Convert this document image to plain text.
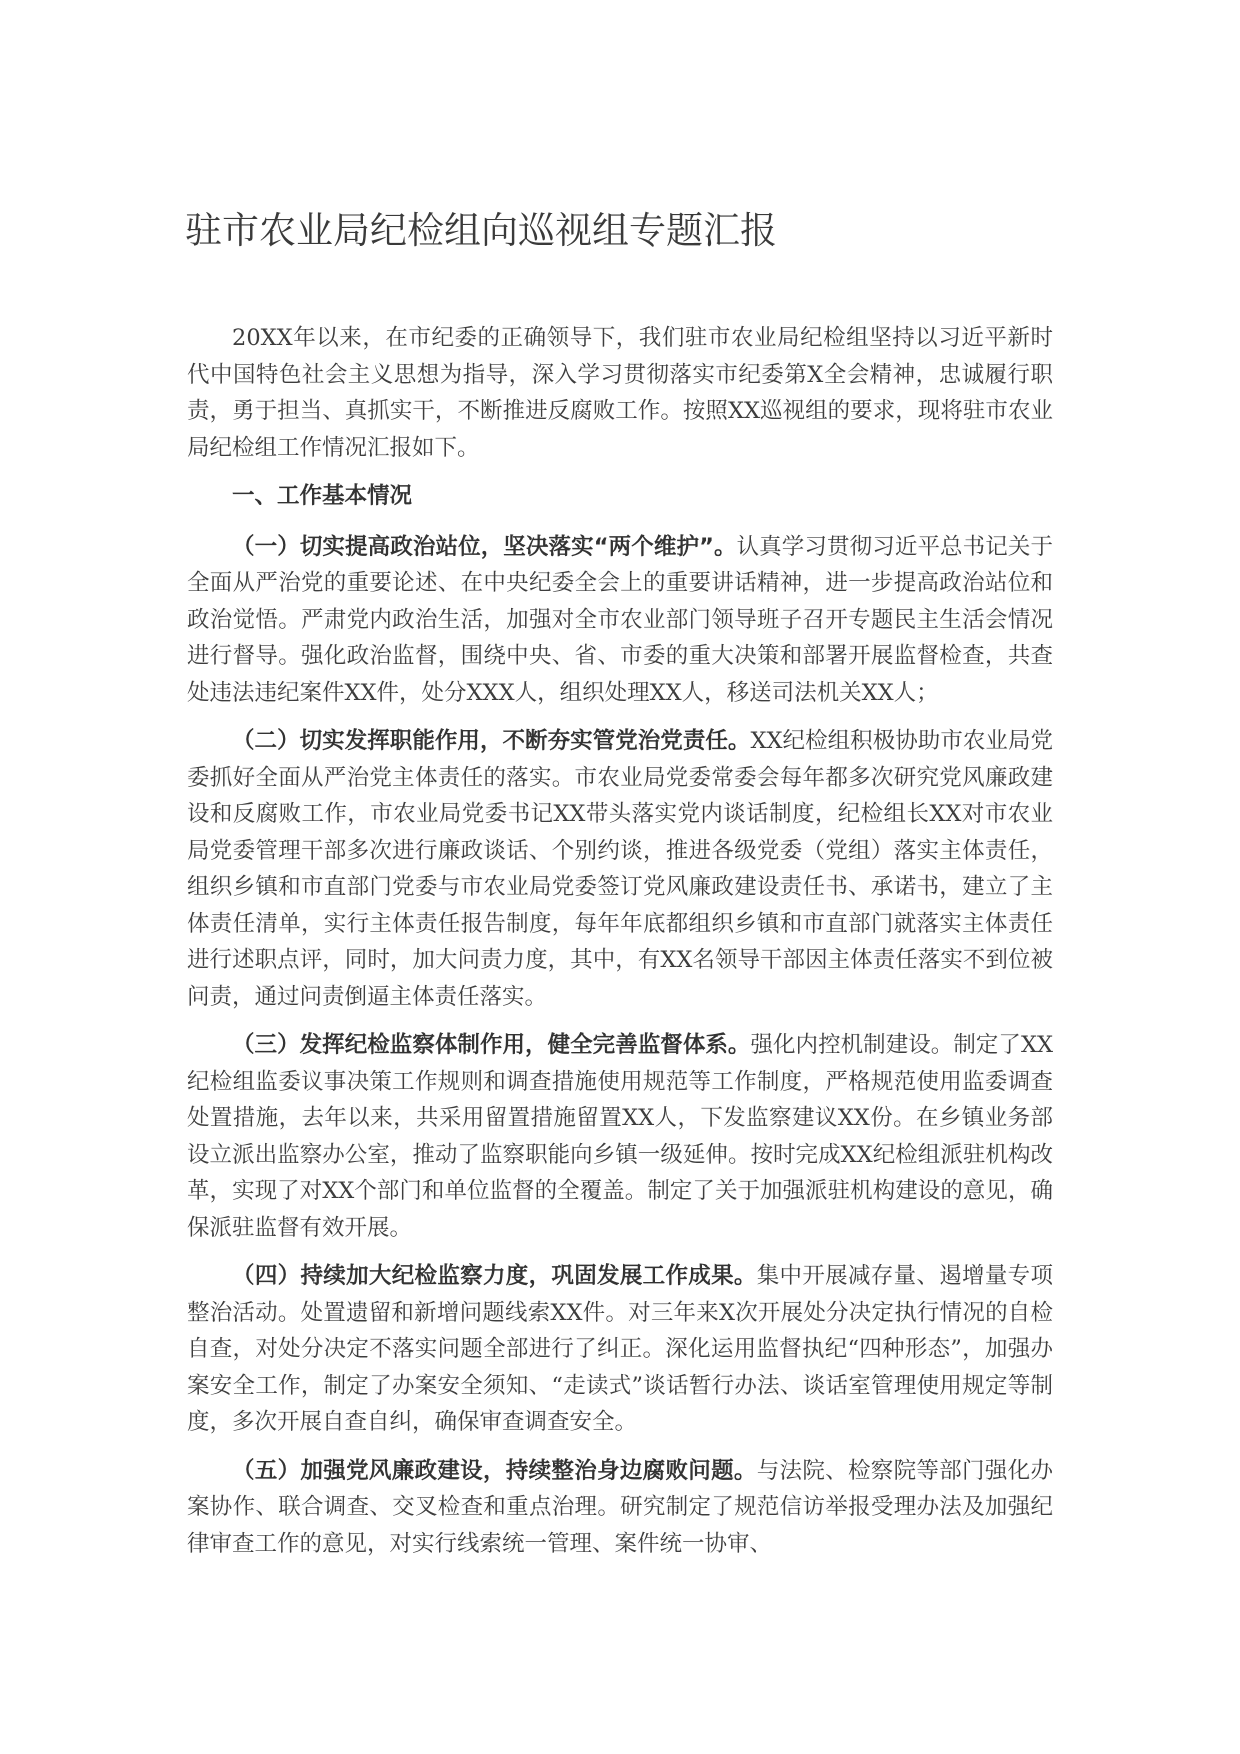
驻市农业局纪检组向巡视组专题汇报

20XX年以来，在市纪委的正确领导下，我们驻市农业局纪检组坚持以习近平新时代中国特色社会主义思想为指导，深入学习贯彻落实市纪委第X全会精神，忠诚履行职责，勇于担当、真抓实干，不断推进反腐败工作。按照XX巡视组的要求，现将驻市农业局纪检组工作情况汇报如下。

一、工作基本情况

（一）切实提高政治站位，坚决落实“两个维护”。认真学习贯彻习近平总书记关于全面从严治党的重要论述、在中央纪委全会上的重要讲话精神，进一步提高政治站位和政治觉悟。严肃党内政治生活，加强对全市农业部门领导班子召开专题民主生活会情况进行督导。强化政治监督，围绕中央、省、市委的重大决策和部署开展监督检查，共查处违法违纪案件XX件，处分XXX人，组织处理XX人，移送司法机关XX人；

（二）切实发挥职能作用，不断夯实管党治党责任。XX纪检组积极协助市农业局党委抓好全面从严治党主体责任的落实。市农业局党委常委会每年都多次研究党风廉政建设和反腐败工作，市农业局党委书记XX带头落实党内谈话制度，纪检组长XX对市农业局党委管理干部多次进行廉政谈话、个别约谈，推进各级党委（党组）落实主体责任，组织乡镇和市直部门党委与市农业局党委签订党风廉政建设责任书、承诺书，建立了主体责任清单，实行主体责任报告制度，每年年底都组织乡镇和市直部门就落实主体责任进行述职点评，同时，加大问责力度，其中，有XX名领导干部因主体责任落实不到位被问责，通过问责倒逼主体责任落实。

（三）发挥纪检监察体制作用，健全完善监督体系。强化内控机制建设。制定了XX纪检组监委议事决策工作规则和调查措施使用规范等工作制度，严格规范使用监委调查处置措施，去年以来，共采用留置措施留置XX人，下发监察建议XX份。在乡镇业务部设立派出监察办公室，推动了监察职能向乡镇一级延伸。按时完成XX纪检组派驻机构改革，实现了对XX个部门和单位监督的全覆盖。制定了关于加强派驻机构建设的意见，确保派驻监督有效开展。

（四）持续加大纪检监察力度，巩固发展工作成果。集中开展减存量、遏增量专项整治活动。处置遗留和新增问题线索XX件。对三年来X次开展处分决定执行情况的自检自查，对处分决定不落实问题全部进行了纠正。深化运用监督执纪“四种形态”，加强办案安全工作，制定了办案安全须知、“走读式”谈话暂行办法、谈话室管理使用规定等制度，多次开展自查自纠，确保审查调查安全。

（五）加强党风廉政建设，持续整治身边腐败问题。与法院、检察院等部门强化办案协作、联合调查、交叉检查和重点治理。研究制定了规范信访举报受理办法及加强纪律审查工作的意见，对实行线索统一管理、案件统一协审、
